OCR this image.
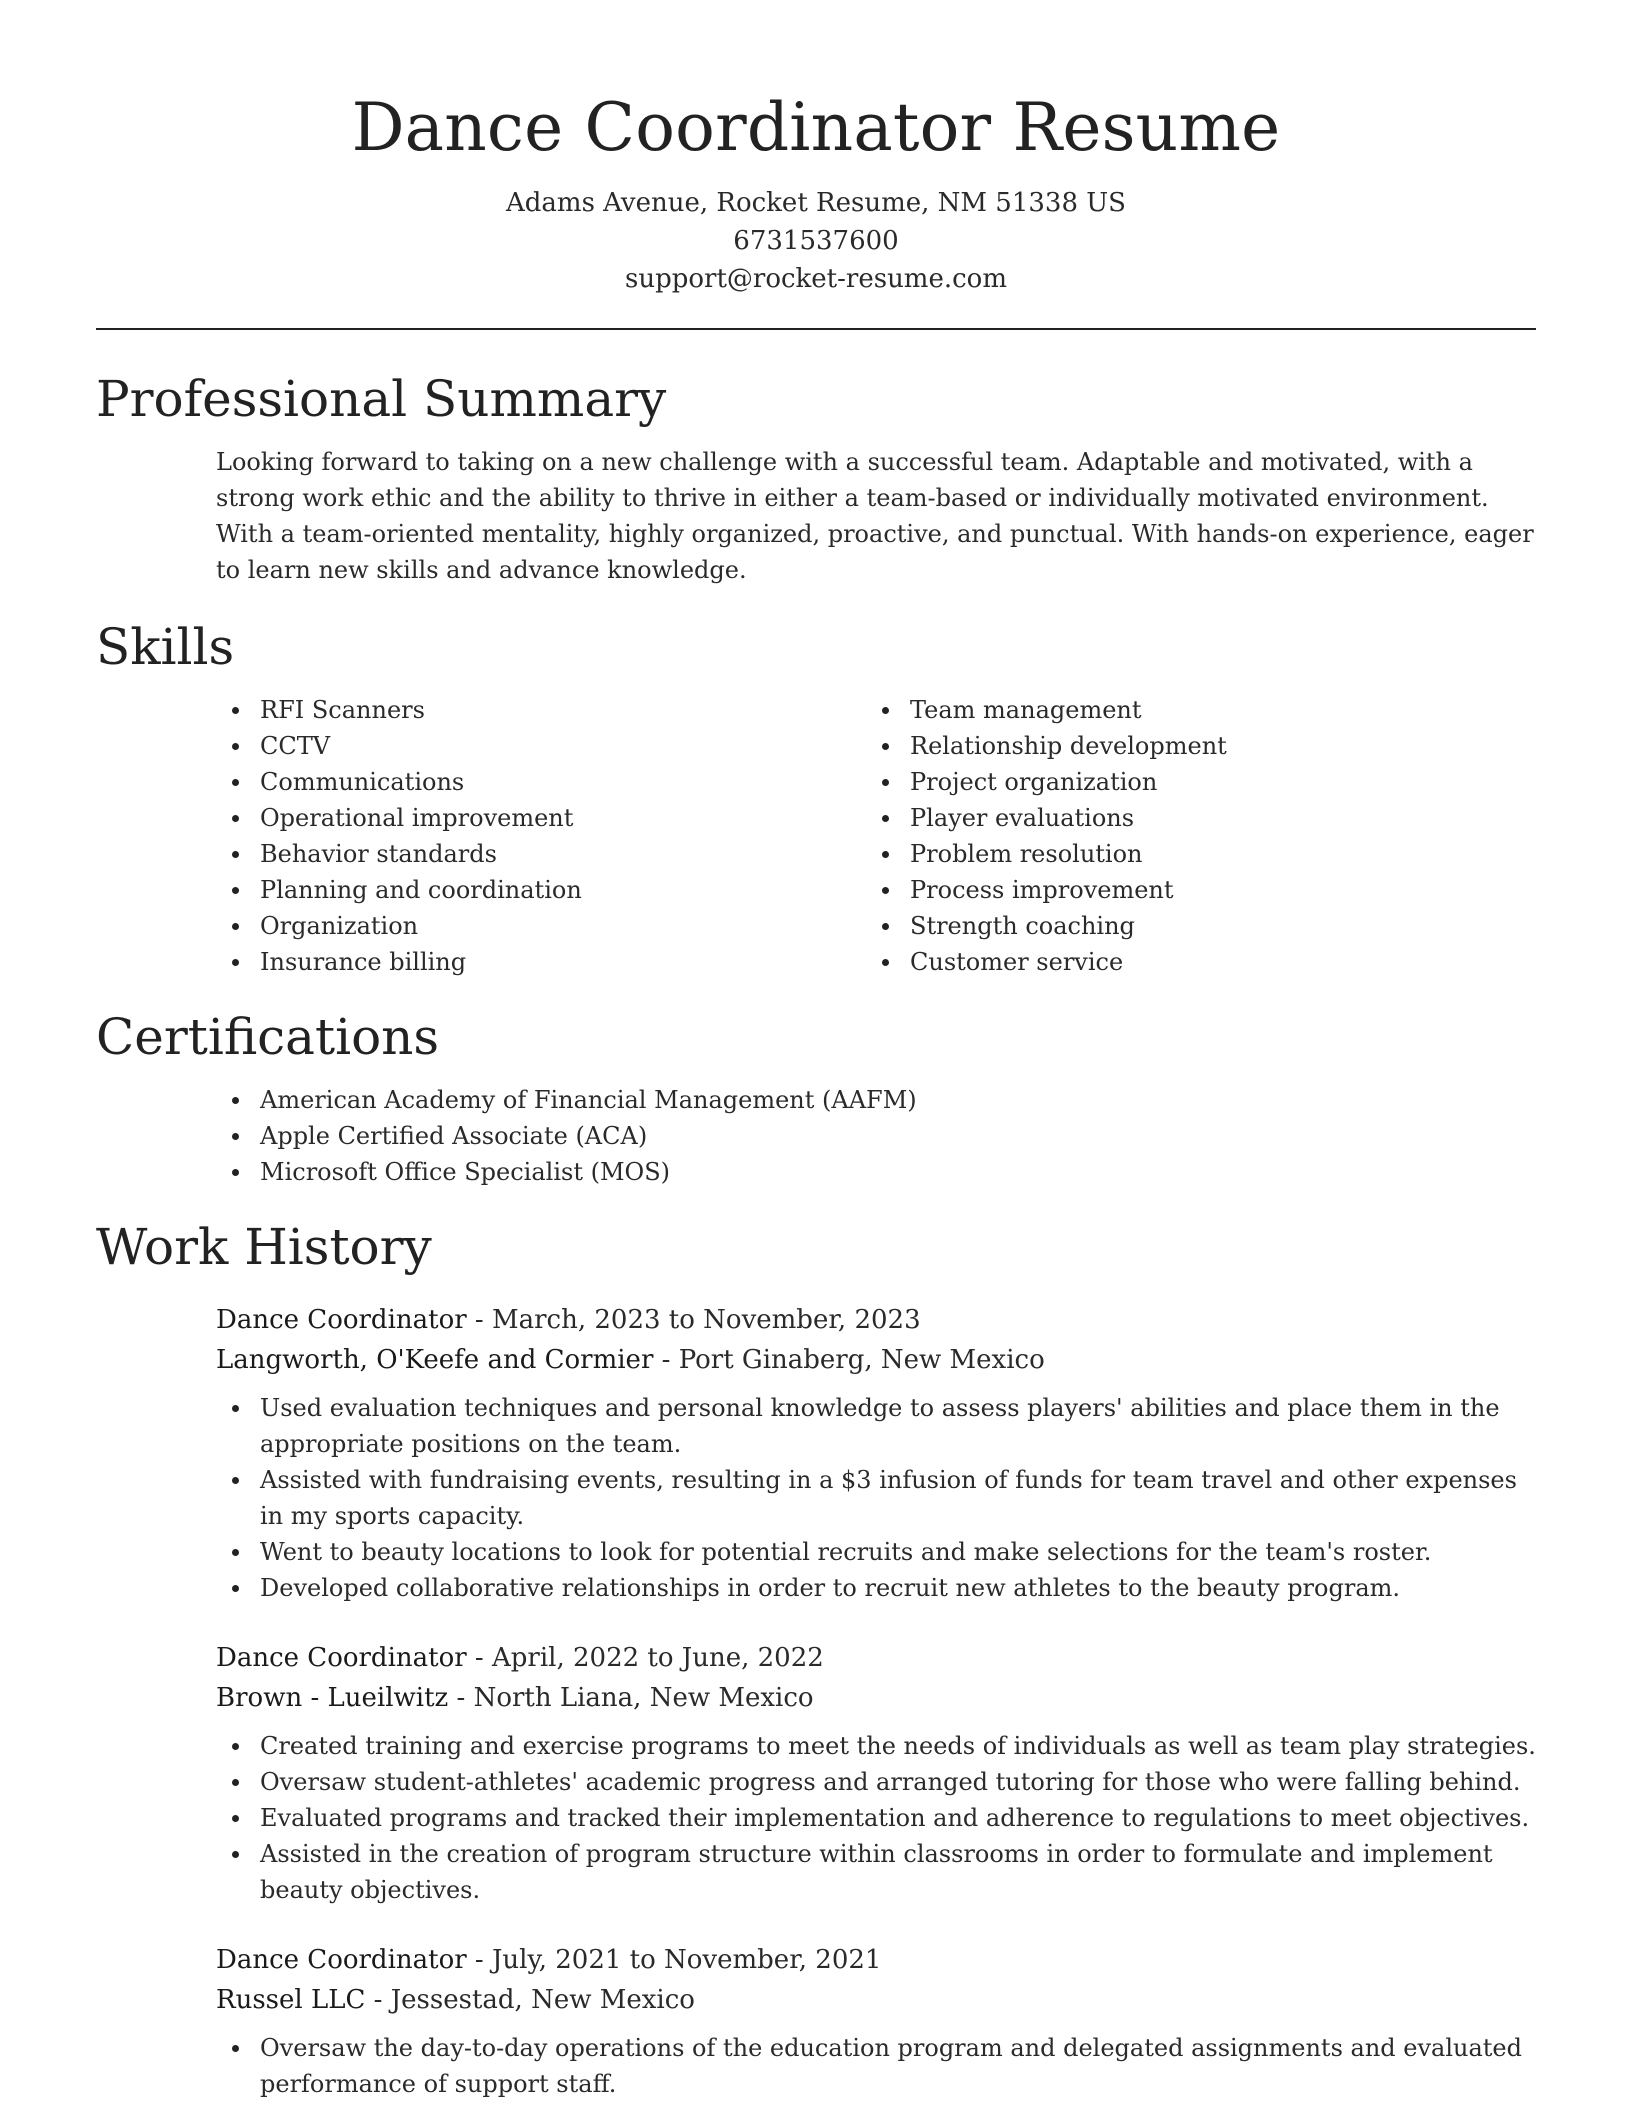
Dance Coordinator Resume
Adams Avenue, Rocket Resume, NM 51338 US
6731537600
support@rocket-resume.com
Professional Summary

Looking forward to taking on a new challenge with a successful team. Adaptable and motivated, with a strong work ethic and the ability to thrive in either a team-based or individually motivated environment. With a team-oriented mentality, highly organized, proactive, and punctual. With hands-on experience, eager to learn new skills and advance knowledge.

Skills
RFI Scanners
CCTV
Communications
Operational improvement
Behavior standards
Planning and coordination
Organization
Insurance billing
Team management
Relationship development
Project organization
Player evaluations
Problem resolution
Process improvement
Strength coaching
Customer service
Certifications
American Academy of Financial Management (AAFM)
Apple Certified Associate (ACA)
Microsoft Office Specialist (MOS)
Work History
Dance Coordinator - March, 2023 to November, 2023
Langworth, O'Keefe and Cormier - Port Ginaberg, New Mexico
Used evaluation techniques and personal knowledge to assess players' abilities and place them in the appropriate positions on the team.
Assisted with fundraising events, resulting in a $3 infusion of funds for team travel and other expenses in my sports capacity.
Went to beauty locations to look for potential recruits and make selections for the team's roster.
Developed collaborative relationships in order to recruit new athletes to the beauty program.
Dance Coordinator - April, 2022 to June, 2022
Brown - Lueilwitz - North Liana, New Mexico
Created training and exercise programs to meet the needs of individuals as well as team play strategies.
Oversaw student-athletes' academic progress and arranged tutoring for those who were falling behind.
Evaluated programs and tracked their implementation and adherence to regulations to meet objectives.
Assisted in the creation of program structure within classrooms in order to formulate and implement beauty objectives.
Dance Coordinator - July, 2021 to November, 2021
Russel LLC - Jessestad, New Mexico
Oversaw the day-to-day operations of the education program and delegated assignments and evaluated performance of support staff.
